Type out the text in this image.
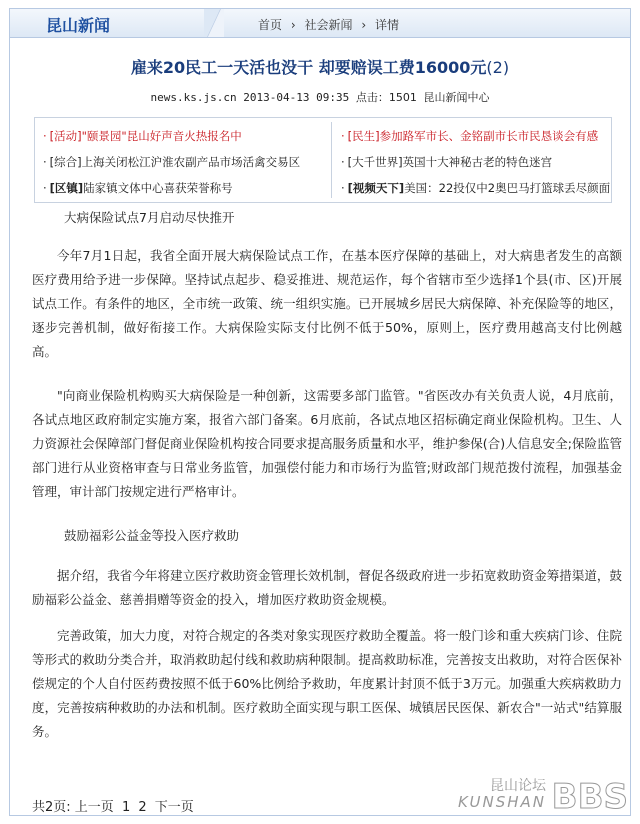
昆山新闻	首页 › 社会新闻 › 详情
雇来20民工一天活也没干 却要赔误工费16000元(2)
news.ks.js.cn 2013-04-13 09:35 点击：1501 昆山新闻中心
· [活动]"颐景园"昆山好声音火热报名中
· [综合]上海关闭松江沪淮农副产品市场活禽交易区
· [区镇]陆家镇文体中心喜获荣誉称号
· [民生]参加路军市长、金铭副市长市民恳谈会有感
· [大千世界]英国十大神秘古老的特色迷宫
· [视频天下]美国：22投仅中2奥巴马打篮球丢尽颜面

大病保险试点7月启动尽快推开

今年7月1日起，我省全面开展大病保险试点工作，在基本医疗保障的基础上，对大病患者发生的高额医疗费用给予进一步保障。坚持试点起步、稳妥推进、规范运作，每个省辖市至少选择1个县(市、区)开展试点工作。有条件的地区，全市统一政策、统一组织实施。已开展城乡居民大病保障、补充保险等的地区，逐步完善机制，做好衔接工作。大病保险实际支付比例不低于50%，原则上，医疗费用越高支付比例越高。

"向商业保险机构购买大病保险是一种创新，这需要多部门监管。"省医改办有关负责人说，4月底前，各试点地区政府制定实施方案，报省六部门备案。6月底前，各试点地区招标确定商业保险机构。卫生、人力资源社会保障部门督促商业保险机构按合同要求提高服务质量和水平，维护参保(合)人信息安全;保险监管部门进行从业资格审查与日常业务监管，加强偿付能力和市场行为监管;财政部门规范拨付流程，加强基金管理，审计部门按规定进行严格审计。

鼓励福彩公益金等投入医疗救助

据介绍，我省今年将建立医疗救助资金管理长效机制，督促各级政府进一步拓宽救助资金筹措渠道，鼓励福彩公益金、慈善捐赠等资金的投入，增加医疗救助资金规模。

完善政策，加大力度，对符合规定的各类对象实现医疗救助全覆盖。将一般门诊和重大疾病门诊、住院等形式的救助分类合并，取消救助起付线和救助病种限制。提高救助标准，完善按支出救助，对符合医保补偿规定的个人自付医药费按照不低于60%比例给予救助，年度累计封顶不低于3万元。加强重大疾病救助力度，完善按病种救助的办法和机制。医疗救助全面实现与职工医保、城镇居民医保、新农合"一站式"结算服务。

共2页: 上一页 1 2 下一页
昆山论坛
KUNSHAN BBS
